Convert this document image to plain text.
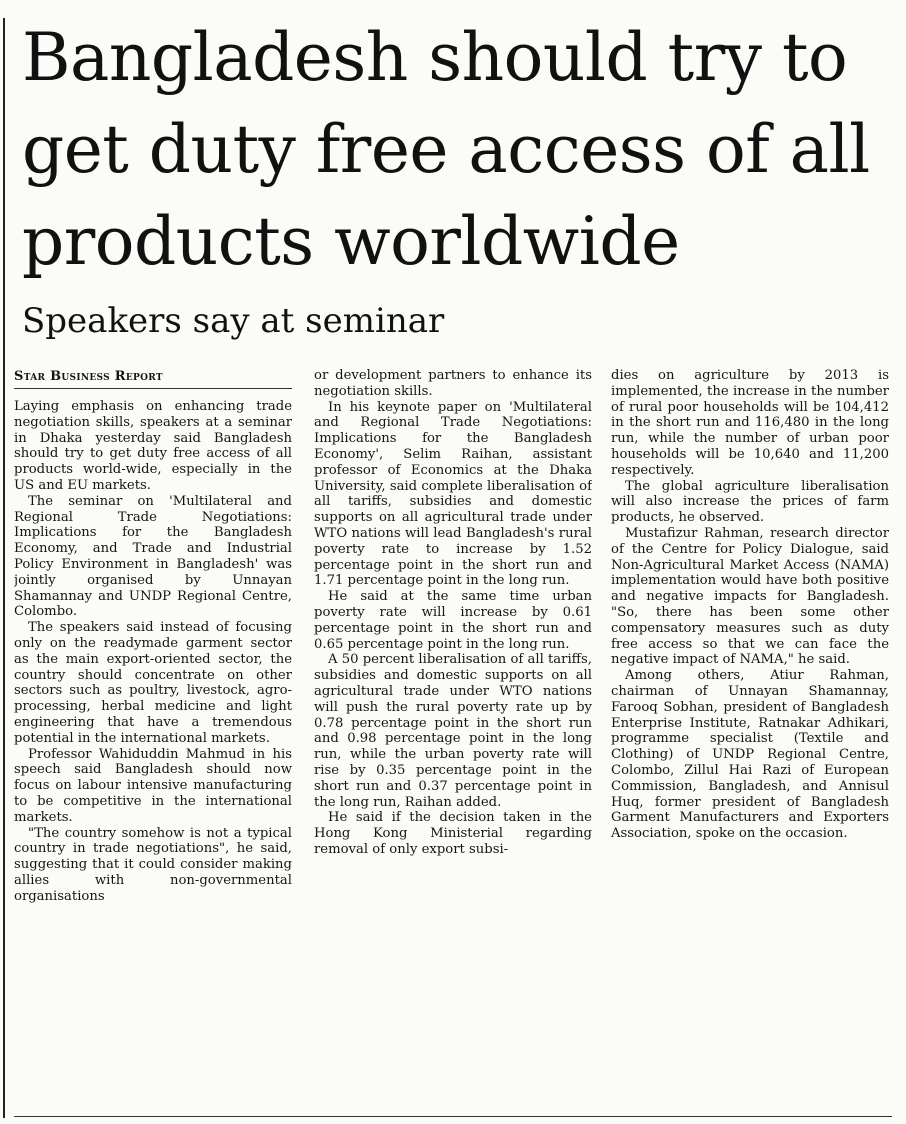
Bangladesh should try to get duty free access of all products worldwide
Speakers say at seminar
Star Business Report

Laying emphasis on enhancing trade negotiation skills, speakers at a seminar in Dhaka yesterday said Bangladesh should try to get duty free access of all products world-wide, especially in the US and EU markets.

The seminar on 'Multilateral and Regional Trade Negotiations: Implications for the Bangladesh Economy, and Trade and Industrial Policy Environment in Bangladesh' was jointly organised by Unnayan Shamannay and UNDP Regional Centre, Colombo.

The speakers said instead of focusing only on the readymade garment sector as the main export-oriented sector, the country should concentrate on other sectors such as poultry, livestock, agro-processing, herbal medicine and light engineering that have a tremendous potential in the international markets.

Professor Wahiduddin Mahmud in his speech said Bangladesh should now focus on labour intensive manufacturing to be competitive in the international markets.

"The country somehow is not a typical country in trade negotiations", he said, suggesting that it could consider making allies with non-governmental organisations

or development partners to enhance its negotiation skills.

In his keynote paper on 'Multilateral and Regional Trade Negotiations: Implications for the Bangladesh Economy', Selim Raihan, assistant professor of Economics at the Dhaka University, said complete liberalisation of all tariffs, subsidies and domestic supports on all agricultural trade under WTO nations will lead Bangladesh's rural poverty rate to increase by 1.52 percentage point in the short run and 1.71 percentage point in the long run.

He said at the same time urban poverty rate will increase by 0.61 percentage point in the short run and 0.65 percentage point in the long run.

A 50 percent liberalisation of all tariffs, subsidies and domestic supports on all agricultural trade under WTO nations will push the rural poverty rate up by 0.78 percentage point in the short run and 0.98 percentage point in the long run, while the urban poverty rate will rise by 0.35 percentage point in the short run and 0.37 percentage point in the long run, Raihan added.

He said if the decision taken in the Hong Kong Ministerial regarding removal of only export subsi-

dies on agriculture by 2013 is implemented, the increase in the number of rural poor households will be 104,412 in the short run and 116,480 in the long run, while the number of urban poor households will be 10,640 and 11,200 respectively.

The global agriculture liberalisation will also increase the prices of farm products, he observed.

Mustafizur Rahman, research director of the Centre for Policy Dialogue, said Non-Agricultural Market Access (NAMA) implementation would have both positive and negative impacts for Bangladesh. "So, there has been some other compensatory measures such as duty free access so that we can face the negative impact of NAMA," he said.

Among others, Atiur Rahman, chairman of Unnayan Shamannay, Farooq Sobhan, president of Bangladesh Enterprise Institute, Ratnakar Adhikari, programme specialist (Textile and Clothing) of UNDP Regional Centre, Colombo, Zillul Hai Razi of European Commission, Bangladesh, and Annisul Huq, former president of Bangladesh Garment Manufacturers and Exporters Association, spoke on the occasion.
